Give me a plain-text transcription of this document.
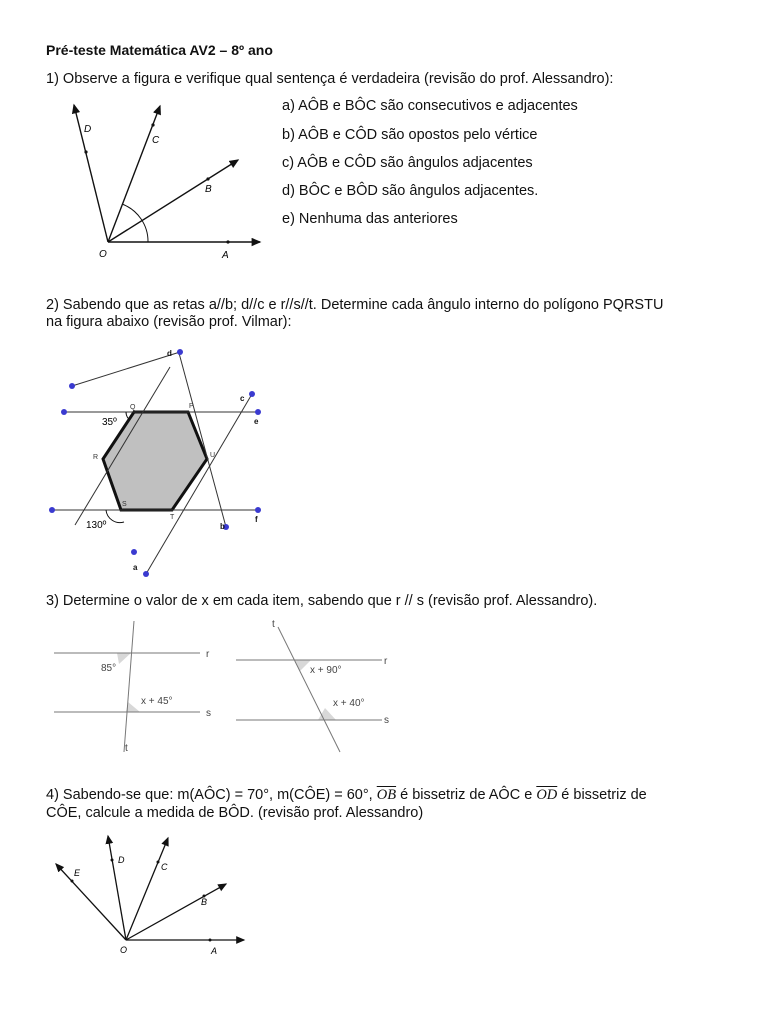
Pré-teste Matemática AV2 – 8º ano
1) Observe a figura e verifique qual sentença é verdadeira (revisão do prof. Alessandro):
a) AÔB e BÔC são consecutivos e adjacentes
b) AÔB e CÔD são opostos pelo vértice
c) AÔB e CÔD são ângulos adjacentes
d) BÔC e BÔD são ângulos adjacentes.
e) Nenhuma das anteriores
O	A
B
C
D
2) Sabendo que as retas a//b; d//c e r//s//t. Determine cada ângulo interno do polígono PQRSTU
na figura abaixo (revisão prof. Vilmar):
35º
130º
P
Q
R
S
T
U
a
b
c
d
e
f
3) Determine o valor de x em cada item, sabendo que r // s (revisão prof. Alessandro).
85°
x + 45°
r
s
t
x + 90°
x + 40°
r
s
t
4) Sabendo-se que: m(AÔC) = 70°, m(CÔE) = 60°, $\overline{OB}$ é bissetriz de AÔC e $\overline{OD}$ é bissetriz de
CÔE, calcule a medida de BÔD. (revisão prof. Alessandro)
O	A
B
C
D
E
